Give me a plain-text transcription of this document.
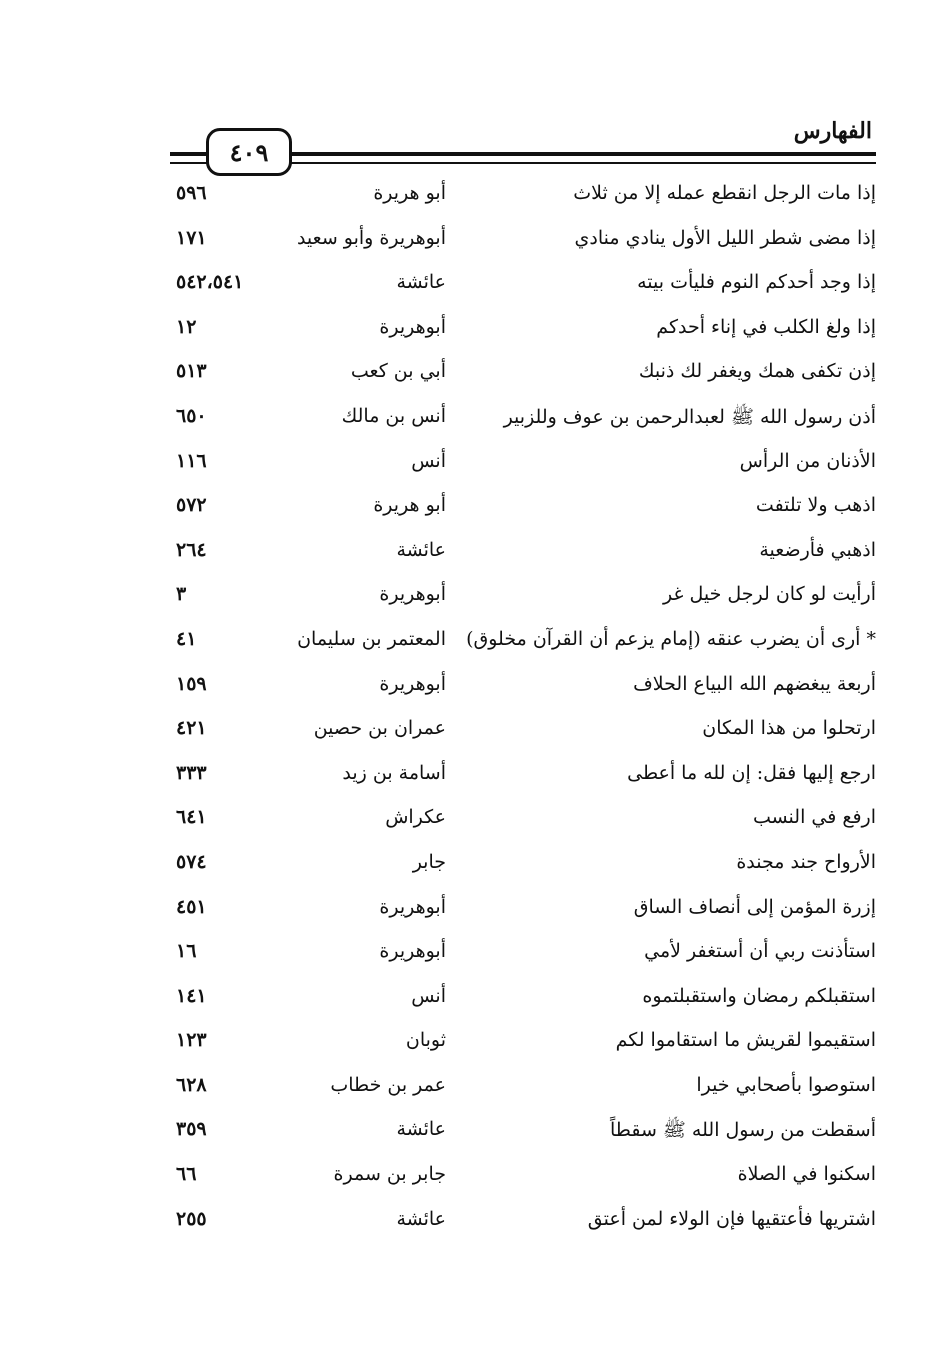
الفهارس
٤٠٩
إذا مات الرجل انقطع عمله إلا من ثلاث
أبو هريرة
٥٩٦
إذا مضى شطر الليل الأول ينادي منادي
أبوهريرة وأبو سعيد
١٧١
إذا وجد أحدكم النوم فليأت بيته
عائشة
٥٤٢،٥٤١
إذا ولغ الكلب في إناء أحدكم
أبوهريرة
١٢
إذن تكفى همك ويغفر لك ذنبك
أبي بن كعب
٥١٣
أذن رسول الله ﷺ لعبدالرحمن بن عوف وللزبير
أنس بن مالك
٦٥٠
الأذنان من الرأس
أنس
١١٦
اذهب ولا تلتفت
أبو هريرة
٥٧٢
اذهبي فأرضعية
عائشة
٢٦٤
أرأيت لو كان لرجل خيل غر
أبوهريرة
٣
* أرى أن يضرب عنقه (إمام يزعم أن القرآن مخلوق)
المعتمر بن سليمان
٤١
أربعة يبغضهم الله البياع الحلاف
أبوهريرة
١٥٩
ارتحلوا من هذا المكان
عمران بن حصين
٤٢١
ارجع إليها فقل: إن لله ما أعطى
أسامة بن زيد
٣٣٣
ارفع في النسب
عكراش
٦٤١
الأرواح جند مجندة
جابر
٥٧٤
إزرة المؤمن إلى أنصاف الساق
أبوهريرة
٤٥١
استأذنت ربي أن أستغفر لأمي
أبوهريرة
١٦
استقبلكم رمضان واستقبلتموه
أنس
١٤١
استقيموا لقريش ما استقاموا لكم
ثوبان
١٢٣
استوصوا بأصحابي خيرا
عمر بن خطاب
٦٢٨
أسقطت من رسول الله ﷺ سقطاً
عائشة
٣٥٩
اسكنوا في الصلاة
جابر بن سمرة
٦٦
اشتريها فأعتقيها فإن الولاء لمن أعتق
عائشة
٢٥٥
